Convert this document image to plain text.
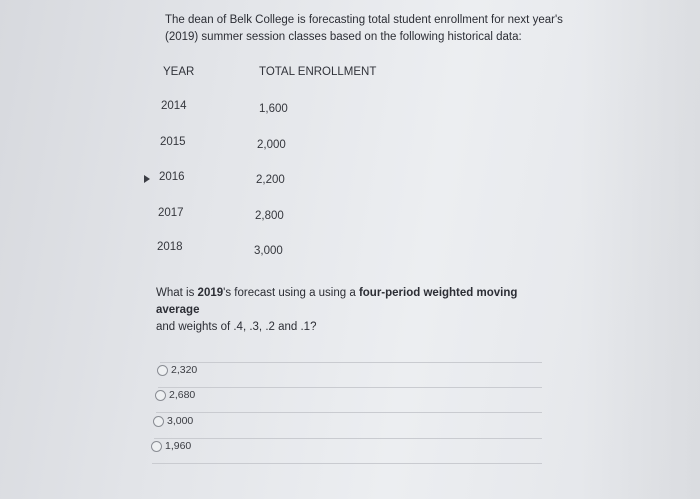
The dean of Belk College is forecasting total student enrollment for next year's
(2019) summer session classes based on the following historical data:
YEAR	TOTAL ENROLLMENT
2014	1,600
2015	2,000
2016	2,200
2017	2,800
2018	3,000
What is 2019's forecast using a using a four-period weighted moving average
and weights of .4, .3, .2 and .1?
2,320
2,680
3,000
1,960
